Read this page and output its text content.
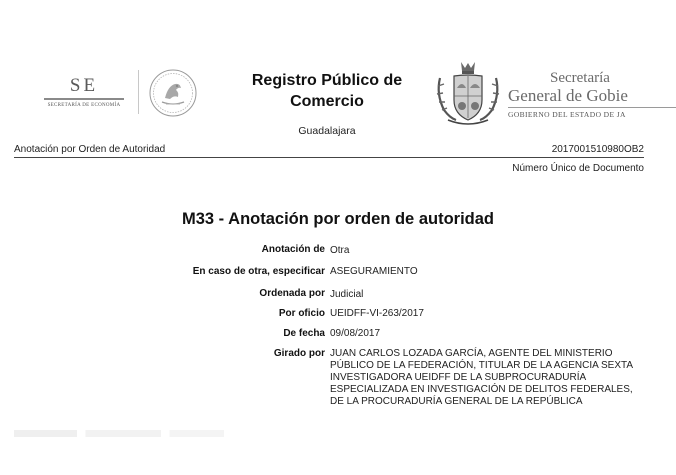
SE
SECRETARÍA DE ECONOMÍA
Registro Público de
Comercio
Guadalajara
Secretaría
General de Gobie
GOBIERNO DEL ESTADO DE JA
Anotación por Orden de Autoridad	2017001510980OB2
Número Único de Documento
M33 - Anotación por orden de autoridad
Anotación de Otra
En caso de otra, especificar ASEGURAMIENTO
Ordenada por Judicial
Por oficio UEIDFF-VI-263/2017
De fecha 09/08/2017
Girado por JUAN CARLOS LOZADA GARCÍA, AGENTE DEL MINISTERIO PÚBLICO DE LA FEDERACIÓN, TITULAR DE LA AGENCIA SEXTA INVESTIGADORA UEIDFF DE LA SUBPROCURADURÍA ESPECIALIZADA EN INVESTIGACIÓN DE DELITOS FEDERALES, DE LA PROCURADURÍA GENERAL DE LA REPÚBLICA
